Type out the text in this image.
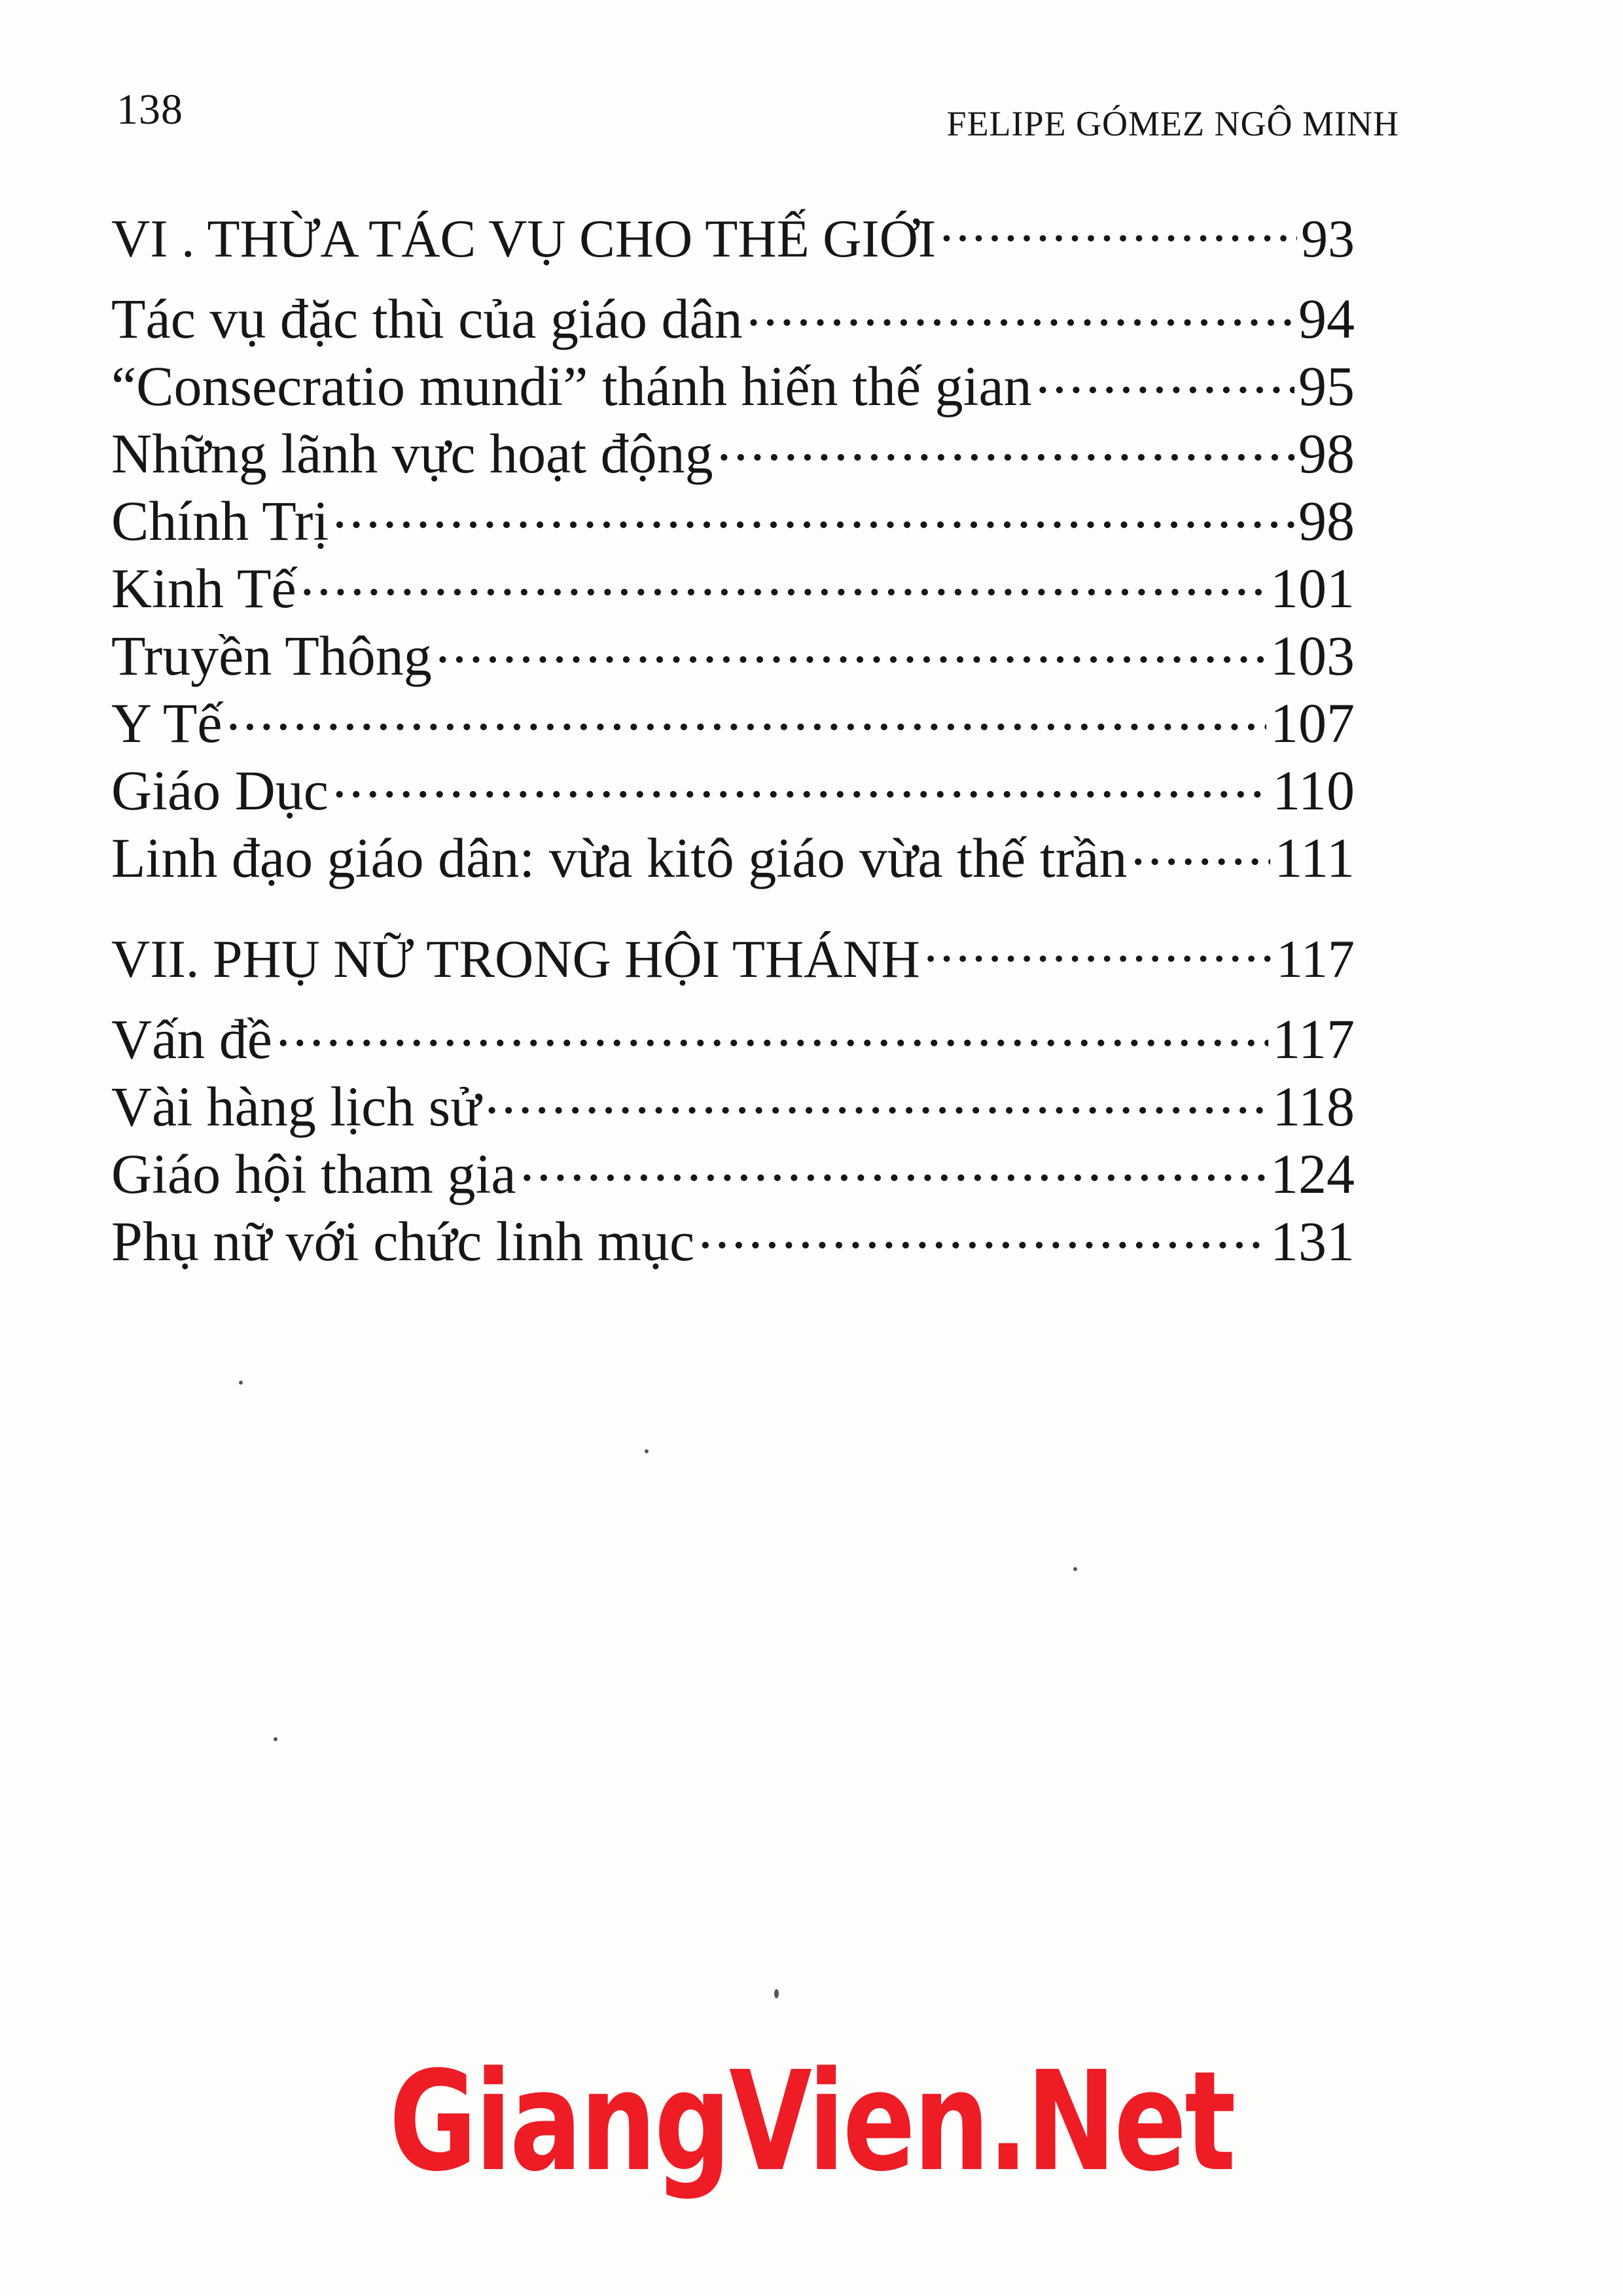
138	FELIPE GÓMEZ NGÔ MINH
VI . THỪA TÁC VỤ CHO THẾ GIỚI .....	93
Tác vụ đặc thù của giáo dân .....	94
“Consecratio mundi” thánh hiến thế gian .....	95
Những lãnh vực hoạt động .....	98
Chính Trị .....	98
Kinh Tế .....	101
Truyền Thông .....	103
Y Tế .....	107
Giáo Dục .....	110
Linh đạo giáo dân: vừa kitô giáo vừa thế trần .....	111
VII. PHỤ NỮ TRONG HỘI THÁNH .....	117
Vấn đề .....	117
Vài hàng lịch sử .....	118
Giáo hội tham gia .....	124
Phụ nữ với chức linh mục .....	131
GiangVien.Net
